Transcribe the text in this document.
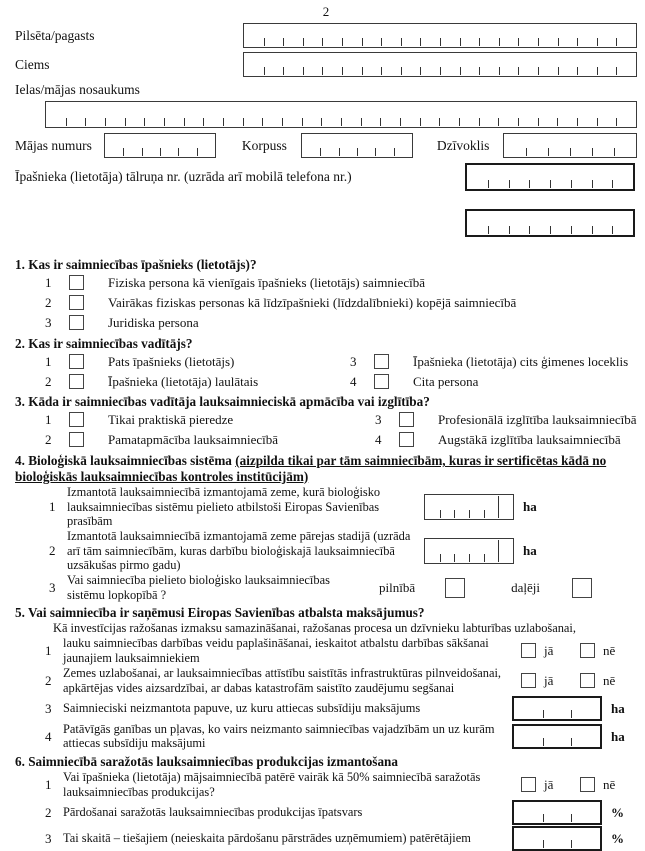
2
Pilsēta/pagasts
Ciems
Ielas/mājas nosaukums
Mājas numurs	Korpuss	Dzīvoklis
Īpašnieka (lietotāja) tālruņa nr. (uzrāda arī mobilā telefona nr.)
1. Kas ir saimniecības īpašnieks (lietotājs)?
1	Fiziska persona kā vienīgais īpašnieks (lietotājs) saimniecībā
2	Vairākas fiziskas personas kā līdzīpašnieki (līdzdalībnieki) kopējā saimniecībā
3	Juridiska persona
2. Kas ir saimniecības vadītājs?
1	Pats īpašnieks (lietotājs)	3	Īpašnieka (lietotāja) cits ģimenes loceklis
2	Īpašnieka (lietotāja) laulātais	4	Cita persona
3. Kāda ir saimniecības vadītāja lauksaimnieciskā apmācība vai izglītība?
1	Tikai praktiskā pieredze	3	Profesionālā izglītība lauksaimniecībā
2	Pamatapmācība lauksaimniecībā	4	Augstākā izglītība lauksaimniecībā
4. Bioloģiskā lauksaimniecības sistēma (aizpilda tikai par tām saimniecībām, kuras ir sertificētas kādā no bioloģiskās lauksaimniecības kontroles institūcijām)
1
Izmantotā lauksaimniecībā izmantojamā zeme, kurā bioloģisko lauksaimniecības sistēmu pielieto atbilstoši Eiropas Savienības prasībām
ha
2
Izmantotā lauksaimniecībā izmantojamā zeme pārejas stadijā (uzrāda arī tām saimniecībām, kuras darbību bioloģiskajā lauksaimniecībā uzsākušas pirmo gadu)
ha
3 Vai saimniecība pielieto bioloģisko lauksaimniecības sistēmu lopkopībā ?	pilnībā	daļēji
5. Vai saimniecība ir saņēmusi Eiropas Savienības atbalsta maksājumus?
Kā investīcijas ražošanas izmaksu samazināšanai, ražošanas procesa un dzīvnieku labturības uzlabošanai,
1 lauku saimniecības darbības veidu paplašināšanai, ieskaitot atbalstu darbības sākšanai jaunajiem lauksaimniekiem	jā	nē
2 Zemes uzlabošanai, ar lauksaimniecības attīstību saistītās infrastruktūras pilnveidošanai, apkārtējas vides aizsardzībai, ar dabas katastrofām saistīto zaudējumu segšanai	jā	nē
3 Saimnieciski neizmantota papuve, uz kuru attiecas subsīdiju maksājums	ha
4 Patāvīgās ganības un pļavas, ko vairs neizmanto saimniecības vajadzībām un uz kurām attiecas subsīdiju maksājumi	ha
6. Saimniecībā saražotās lauksaimniecības produkcijas izmantošana
1 Vai īpašnieka (lietotāja) mājsaimniecībā patērē vairāk kā 50% saimniecībā saražotās lauksaimniecības produkcijas?	jā	nē
2 Pārdošanai saražotās lauksaimniecības produkcijas īpatsvars	%
3 Tai skaitā – tiešajiem (neieskaita pārdošanu pārstrādes uzņēmumiem) patērētājiem	%
